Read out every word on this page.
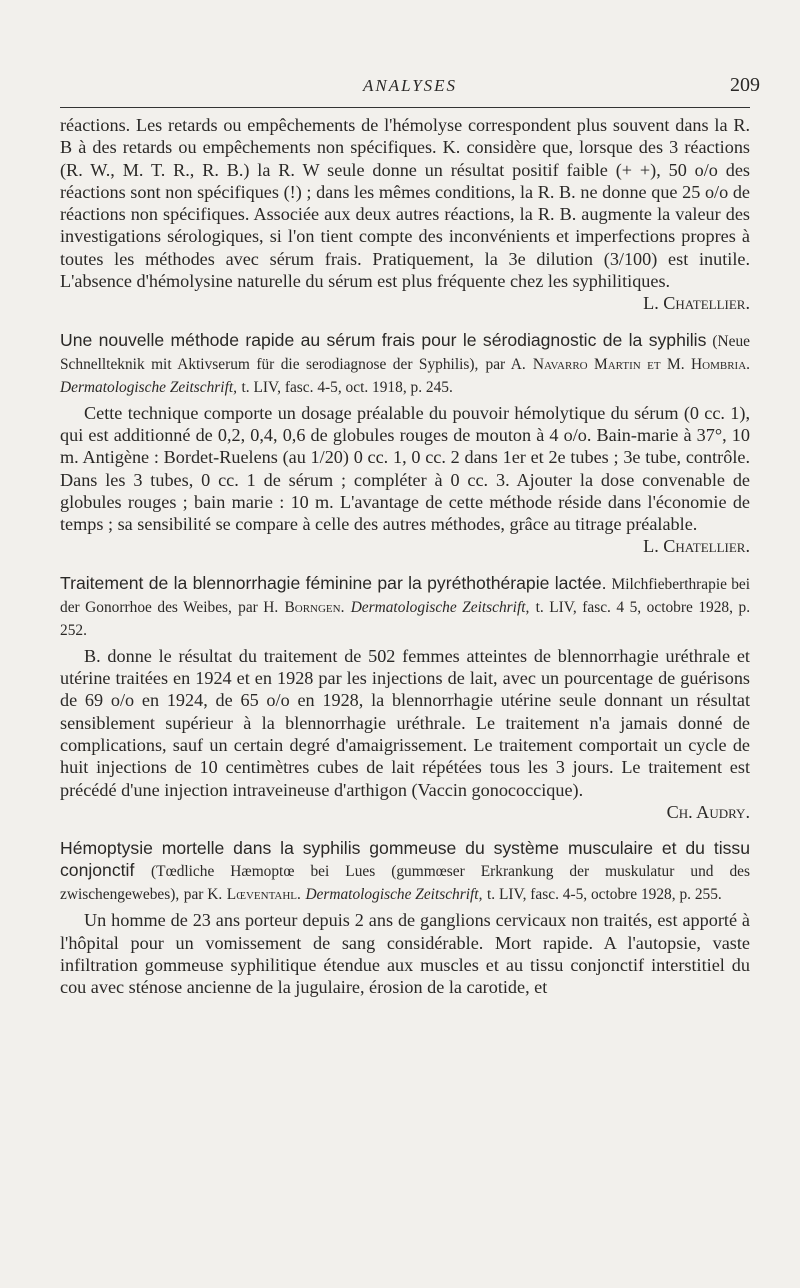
ANALYSES	209

réactions. Les retards ou empêchements de l'hémolyse correspondent plus souvent dans la R. B à des retards ou empêchements non spécifiques. K. considère que, lorsque des 3 réactions (R. W., M. T. R., R. B.) la R. W seule donne un résultat positif faible (+ +), 50 o/o des réactions sont non spécifiques (!) ; dans les mêmes conditions, la R. B. ne donne que 25 o/o de réactions non spécifiques. Associée aux deux autres réactions, la R. B. augmente la valeur des investigations sérologiques, si l'on tient compte des inconvénients et imperfections propres à toutes les méthodes avec sérum frais. Pratiquement, la 3e dilution (3/100) est inutile. L'absence d'hémolysine naturelle du sérum est plus fréquente chez les syphilitiques.
L. Chatellier.

Une nouvelle méthode rapide au sérum frais pour le sérodiagnostic de la syphilis (Neue Schnellteknik mit Aktivserum für die serodiagnose der Syphilis), par A. Navarro Martin et M. Hombria. Dermatologische Zeitschrift, t. LIV, fasc. 4-5, oct. 1918, p. 245.

Cette technique comporte un dosage préalable du pouvoir hémolytique du sérum (0 cc. 1), qui est additionné de 0,2, 0,4, 0,6 de globules rouges de mouton à 4 o/o. Bain-marie à 37°, 10 m. Antigène : Bordet-Ruelens (au 1/20) 0 cc. 1, 0 cc. 2 dans 1er et 2e tubes ; 3e tube, contrôle. Dans les 3 tubes, 0 cc. 1 de sérum ; compléter à 0 cc. 3. Ajouter la dose convenable de globules rouges ; bain marie : 10 m. L'avantage de cette méthode réside dans l'économie de temps ; sa sensibilité se compare à celle des autres méthodes, grâce au titrage préalable.

L. Chatellier.

Traitement de la blennorrhagie féminine par la pyréthothérapie lactée. Milchfieberthrapie bei der Gonorrhoe des Weibes, par H. Borngen. Dermatologische Zeitschrift, t. LIV, fasc. 4 5, octobre 1928, p. 252.

B. donne le résultat du traitement de 502 femmes atteintes de blennorrhagie uréthrale et utérine traitées en 1924 et en 1928 par les injections de lait, avec un pourcentage de guérisons de 69 o/o en 1924, de 65 o/o en 1928, la blennorrhagie utérine seule donnant un résultat sensiblement supérieur à la blennorrhagie uréthrale. Le traitement n'a jamais donné de complications, sauf un certain degré d'amaigrissement. Le traitement comportait un cycle de huit injections de 10 centimètres cubes de lait répétées tous les 3 jours. Le traitement est précédé d'une injection intraveineuse d'arthigon (Vaccin gonococcique).

Ch. Audry.

Hémoptysie mortelle dans la syphilis gommeuse du système musculaire et du tissu conjonctif (Tœdliche Hæmoptœ bei Lues (gummœser Erkrankung der muskulatur und des zwischengewebes), par K. Lœventahl. Dermatologische Zeitschrift, t. LIV, fasc. 4-5, octobre 1928, p. 255.

Un homme de 23 ans porteur depuis 2 ans de ganglions cervicaux non traités, est apporté à l'hôpital pour un vomissement de sang considérable. Mort rapide. A l'autopsie, vaste infiltration gommeuse syphilitique étendue aux muscles et au tissu conjonctif interstitiel du cou avec sténose ancienne de la jugulaire, érosion de la carotide, et
